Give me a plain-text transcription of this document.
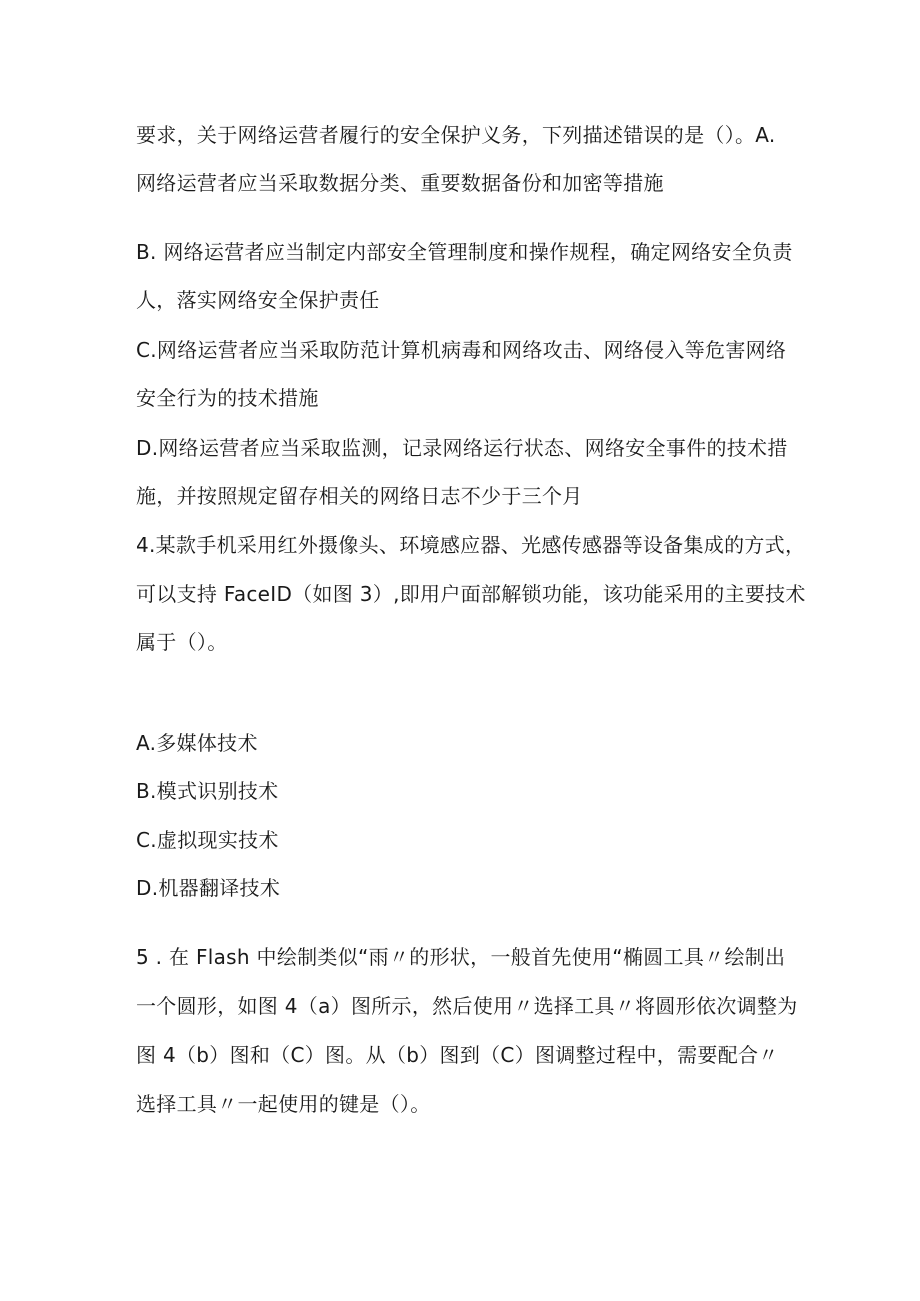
要求，关于网络运营者履行的安全保护义务，下列描述错误的是（）。A.
网络运营者应当采取数据分类、重要数据备份和加密等措施
B. 网络运营者应当制定内部安全管理制度和操作规程，确定网络安全负责
人，落实网络安全保护责任
C.网络运营者应当采取防范计算机病毒和网络攻击、网络侵入等危害网络
安全行为的技术措施
D.网络运营者应当采取监测，记录网络运行状态、网络安全事件的技术措
施，并按照规定留存相关的网络日志不少于三个月
4.某款手机采用红外摄像头、环境感应器、光感传感器等设备集成的方式，
可以支持 FaceID（如图 3）,即用户面部解锁功能，该功能采用的主要技术
属于（）。
A.多媒体技术
B.模式识别技术
C.虚拟现实技术
D.机器翻译技术
5 . 在 Flash 中绘制类似“雨〃的形状，一般首先使用“椭圆工具〃绘制出
一个圆形，如图 4（a）图所示，然后使用〃选择工具〃将圆形依次调整为
图 4（b）图和（C）图。从（b）图到（C）图调整过程中，需要配合〃
选择工具〃一起使用的键是（）。
